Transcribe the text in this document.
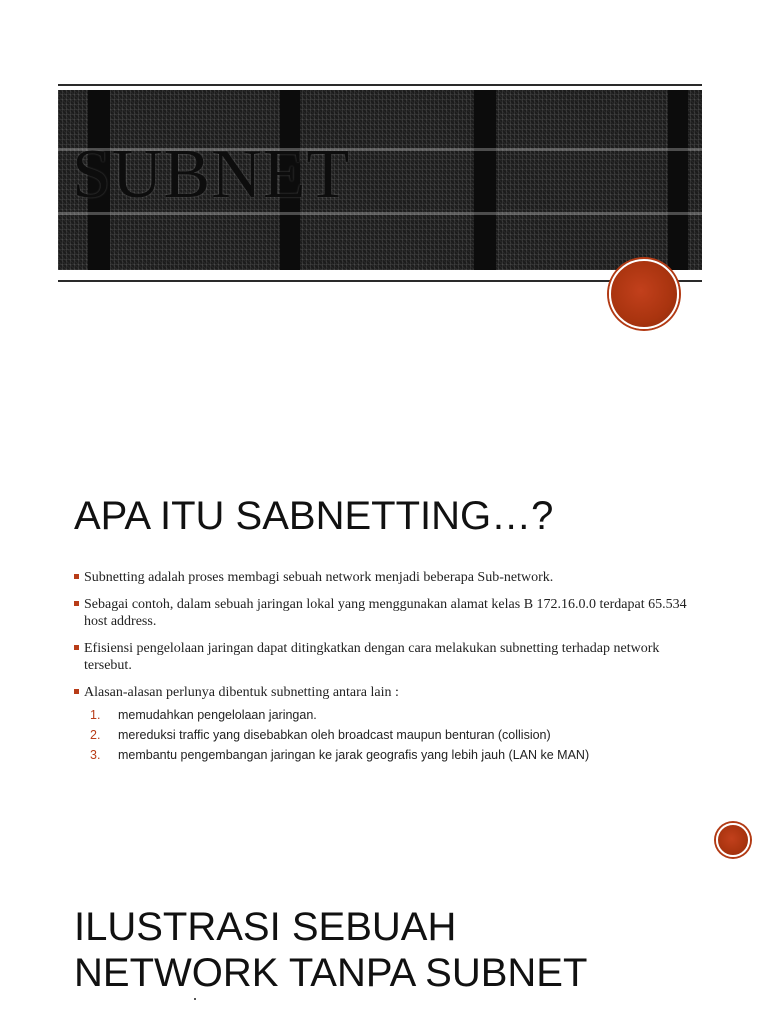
SUBNET
APA ITU SABNETTING…?
Subnetting adalah proses membagi sebuah network menjadi beberapa Sub-network.
Sebagai contoh, dalam sebuah jaringan lokal yang menggunakan alamat kelas B 172.16.0.0 terdapat 65.534 host address.
Efisiensi pengelolaan jaringan dapat ditingkatkan dengan cara melakukan subnetting terhadap network tersebut.
Alasan-alasan perlunya dibentuk subnetting antara lain :
1.	memudahkan pengelolaan jaringan.
2.	mereduksi traffic yang disebabkan oleh broadcast maupun benturan (collision)
3.	membantu pengembangan jaringan ke jarak geografis yang lebih jauh (LAN ke MAN)
ILUSTRASI SEBUAH
NETWORK TANPA SUBNET
